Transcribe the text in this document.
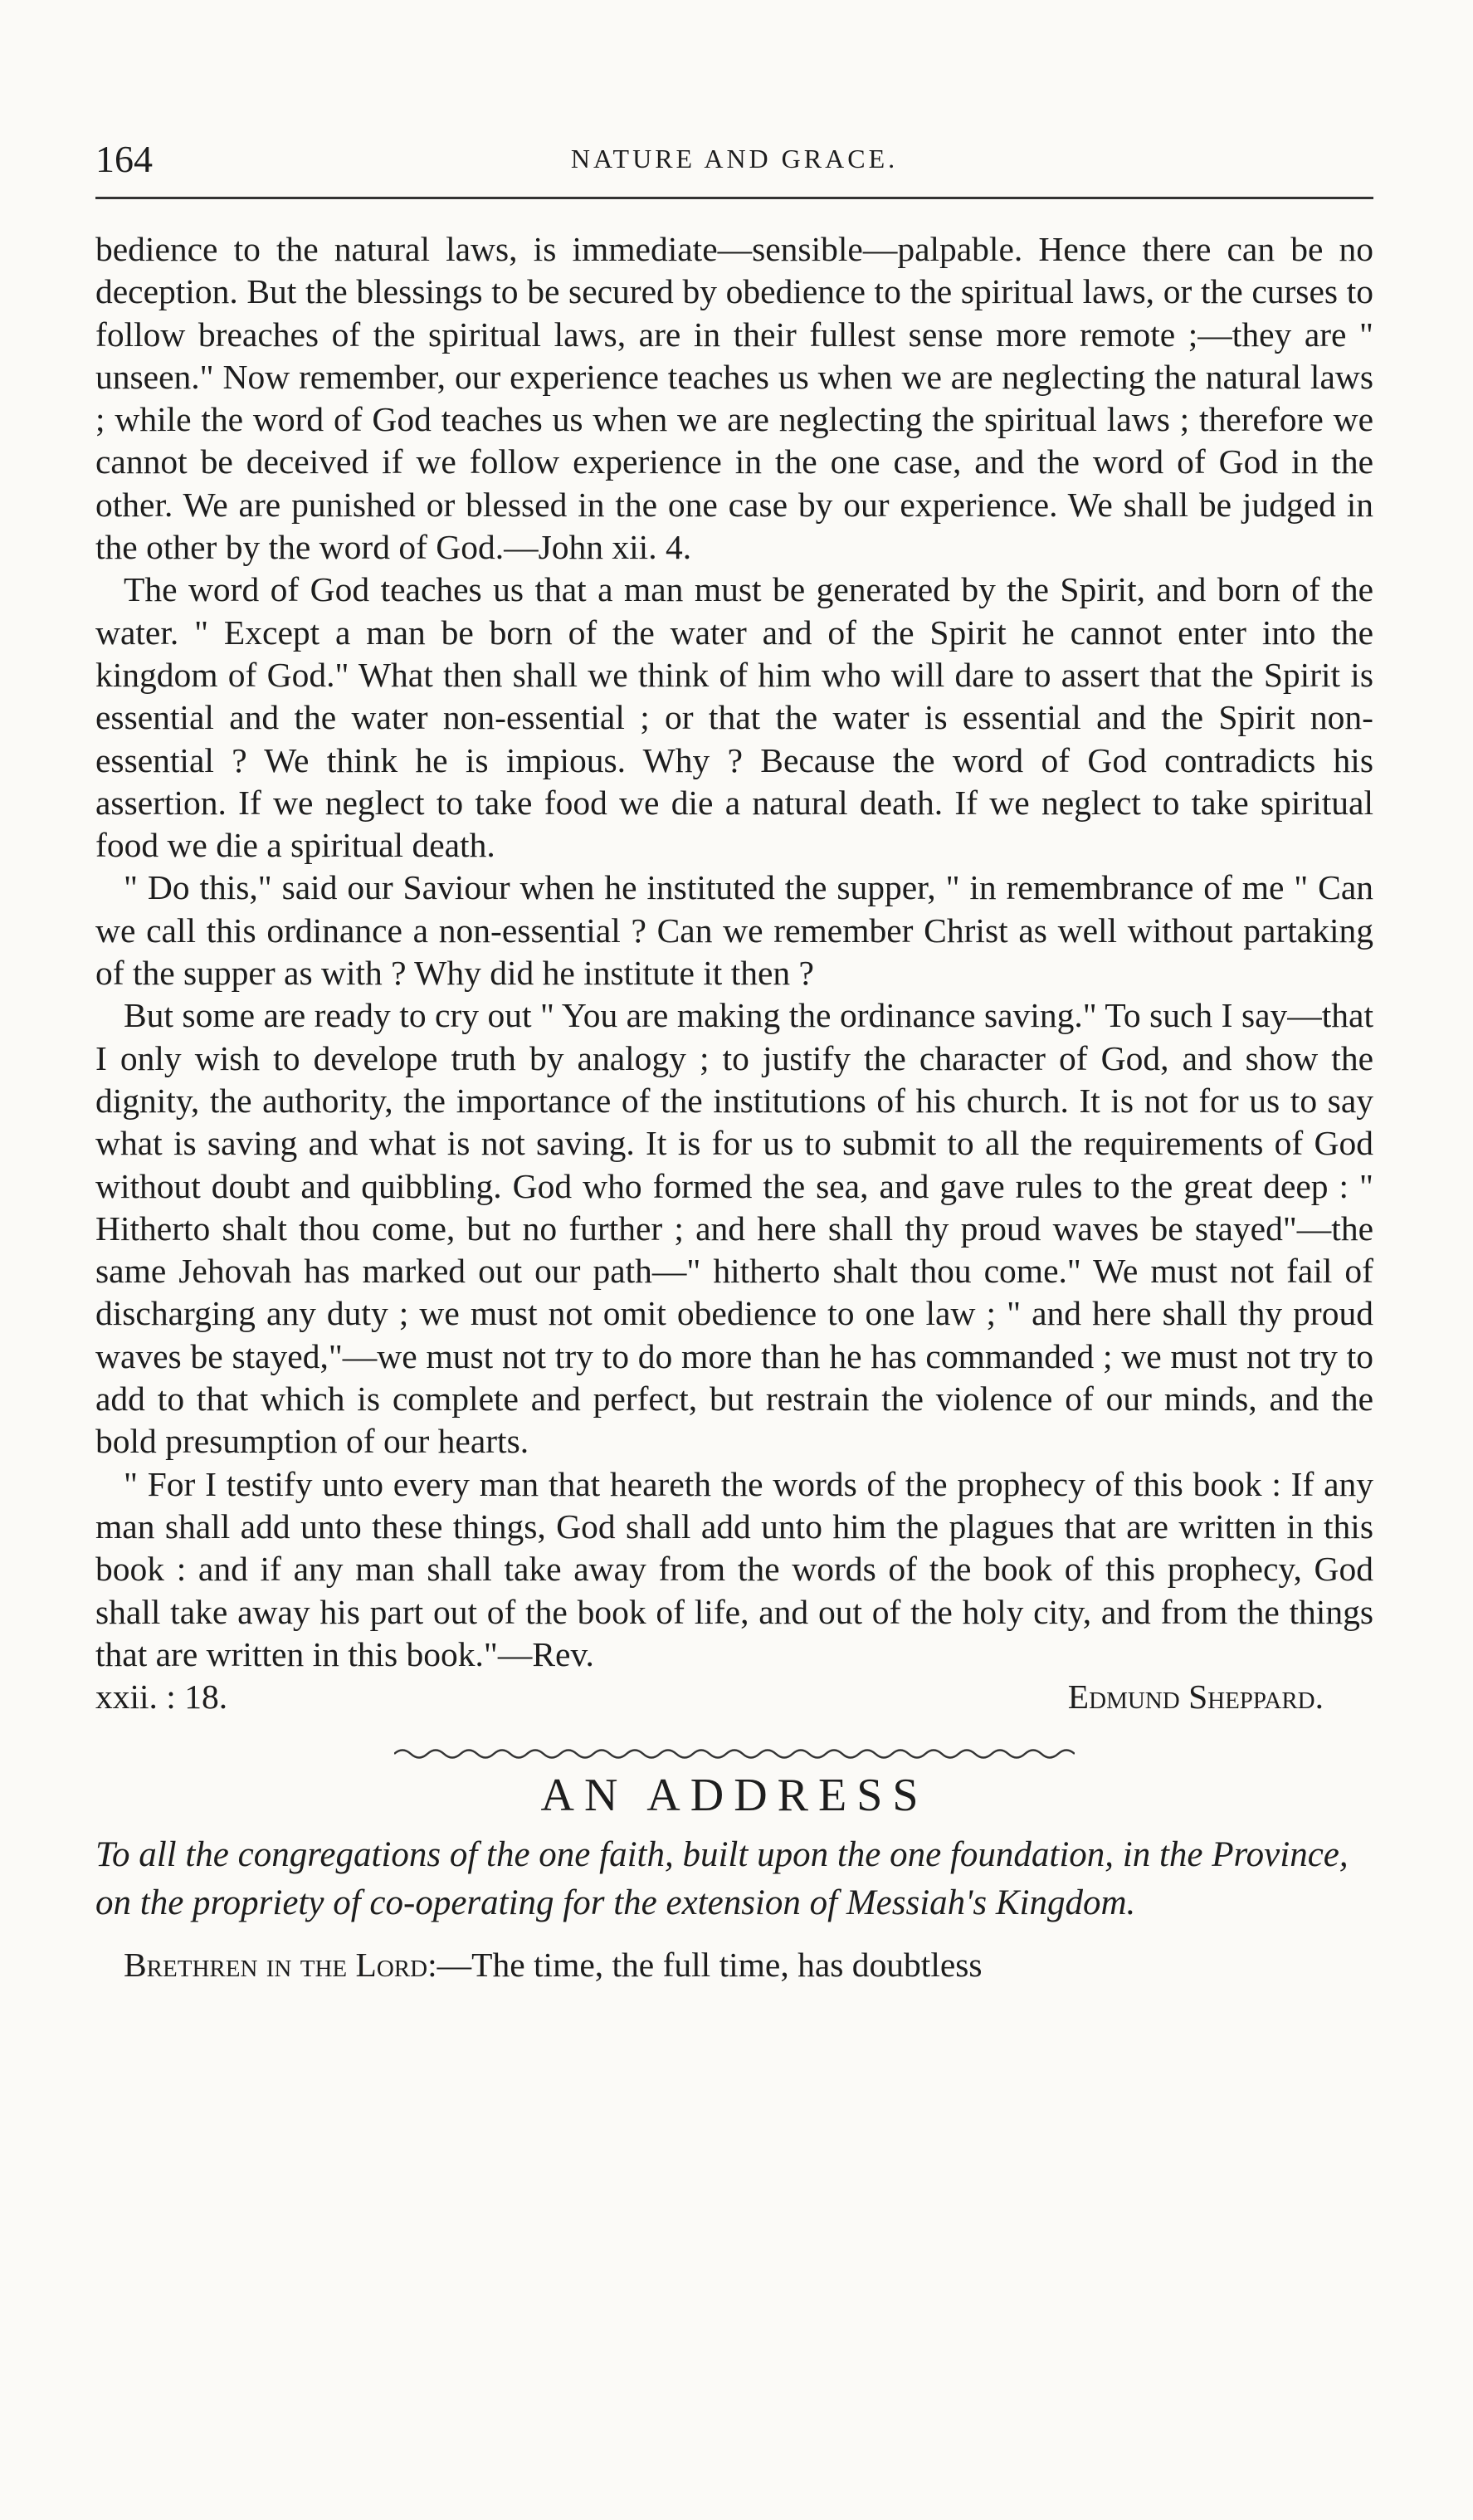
164	NATURE AND GRACE.

bedience to the natural laws, is immediate—sensible—palpable. Hence there can be no deception. But the blessings to be secured by obedience to the spiritual laws, or the curses to follow breaches of the spiritual laws, are in their fullest sense more remote ;—they are " unseen." Now remember, our experience teaches us when we are neglecting the natural laws ; while the word of God teaches us when we are neglecting the spiritual laws ; therefore we cannot be deceived if we follow experience in the one case, and the word of God in the other. We are punished or blessed in the one case by our experience. We shall be judged in the other by the word of God.—John xii. 4.

The word of God teaches us that a man must be generated by the Spirit, and born of the water. " Except a man be born of the water and of the Spirit he cannot enter into the kingdom of God." What then shall we think of him who will dare to assert that the Spirit is essential and the water non-essential ; or that the water is essential and the Spirit non-essential ? We think he is impious. Why ? Because the word of God contradicts his assertion. If we neglect to take food we die a natural death. If we neglect to take spiritual food we die a spiritual death.

" Do this," said our Saviour when he instituted the supper, " in remembrance of me " Can we call this ordinance a non-essential ? Can we remember Christ as well without partaking of the supper as with ? Why did he institute it then ?

But some are ready to cry out " You are making the ordinance saving." To such I say—that I only wish to develope truth by analogy ; to justify the character of God, and show the dignity, the authority, the importance of the institutions of his church. It is not for us to say what is saving and what is not saving. It is for us to submit to all the requirements of God without doubt and quibbling. God who formed the sea, and gave rules to the great deep : " Hitherto shalt thou come, but no further ; and here shall thy proud waves be stayed"—the same Jehovah has marked out our path—" hitherto shalt thou come." We must not fail of discharging any duty ; we must not omit obedience to one law ; " and here shall thy proud waves be stayed,"—we must not try to do more than he has commanded ; we must not try to add to that which is complete and perfect, but restrain the violence of our minds, and the bold presumption of our hearts.

" For I testify unto every man that heareth the words of the prophecy of this book : If any man shall add unto these things, God shall add unto him the plagues that are written in this book : and if any man shall take away from the words of the book of this prophecy, God shall take away his part out of the book of life, and out of the holy city, and from the things that are written in this book."—Rev.

xxii. : 18.	Edmund Sheppard.
AN ADDRESS
To all the congregations of the one faith, built upon the one foundation, in the Province, on the propriety of co-operating for the extension of Messiah's Kingdom.

Brethren in the Lord:—The time, the full time, has doubtless
